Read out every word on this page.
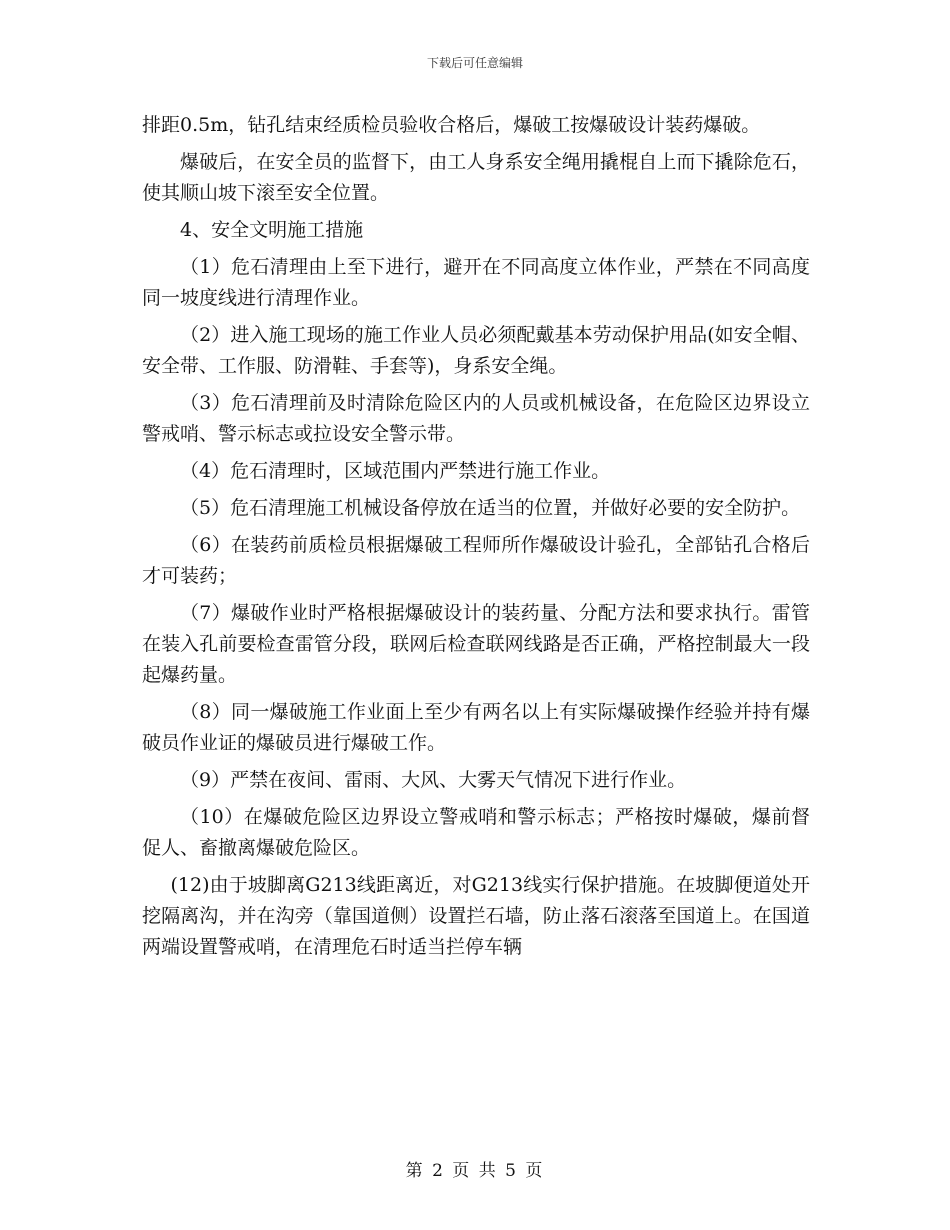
下载后可任意编辑

排距0.5m，钻孔结束经质检员验收合格后，爆破工按爆破设计装药爆破。

爆破后，在安全员的监督下，由工人身系安全绳用撬棍自上而下撬除危石，使其顺山坡下滚至安全位置。

4、安全文明施工措施

（1）危石清理由上至下进行，避开在不同高度立体作业，严禁在不同高度同一坡度线进行清理作业。

（2）进入施工现场的施工作业人员必须配戴基本劳动保护用品(如安全帽、安全带、工作服、防滑鞋、手套等)，身系安全绳。

（3）危石清理前及时清除危险区内的人员或机械设备，在危险区边界设立警戒哨、警示标志或拉设安全警示带。

（4）危石清理时，区域范围内严禁进行施工作业。

（5）危石清理施工机械设备停放在适当的位置，并做好必要的安全防护。

（6）在装药前质检员根据爆破工程师所作爆破设计验孔，全部钻孔合格后才可装药；

（7）爆破作业时严格根据爆破设计的装药量、分配方法和要求执行。雷管在装入孔前要检查雷管分段，联网后检查联网线路是否正确，严格控制最大一段起爆药量。

（8）同一爆破施工作业面上至少有两名以上有实际爆破操作经验并持有爆破员作业证的爆破员进行爆破工作。

（9）严禁在夜间、雷雨、大风、大雾天气情况下进行作业。

（10）在爆破危险区边界设立警戒哨和警示标志；严格按时爆破，爆前督促人、畜撤离爆破危险区。

(12)由于坡脚离G213线距离近，对G213线实行保护措施。在坡脚便道处开挖隔离沟，并在沟旁（靠国道侧）设置拦石墙，防止落石滚落至国道上。在国道两端设置警戒哨，在清理危石时适当拦停车辆

第 2 页 共 5 页
